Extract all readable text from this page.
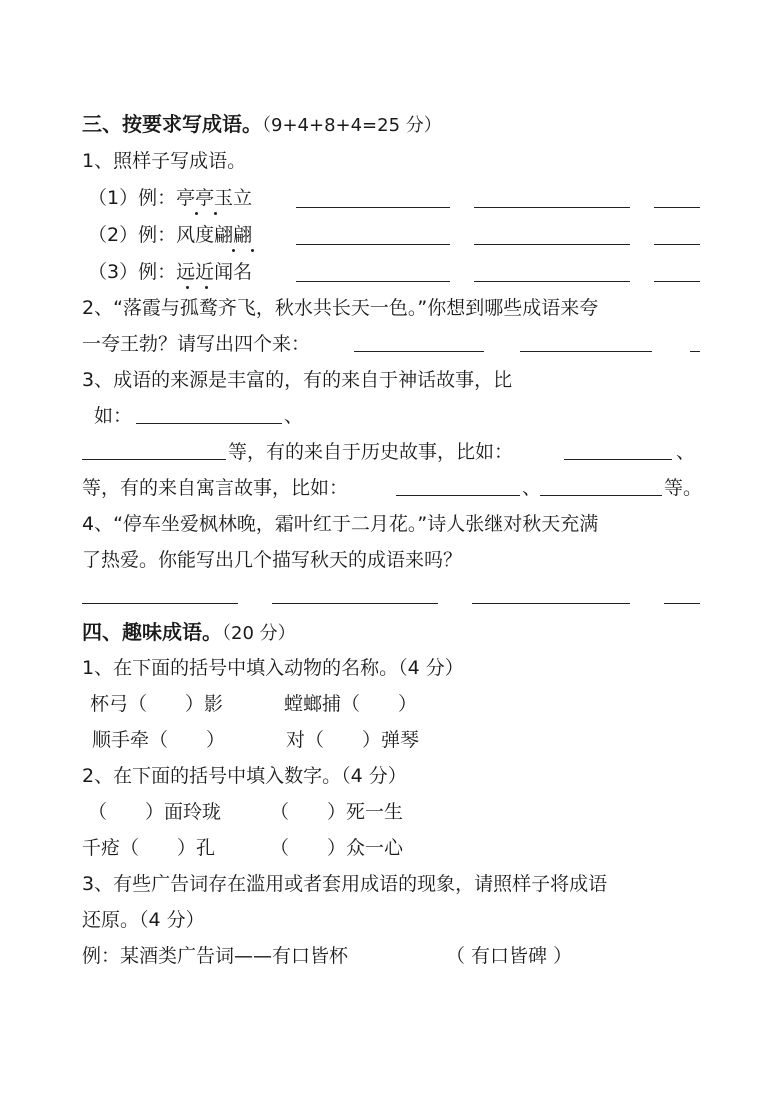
三、按要求写成语。（9+4+8+4=25 分）
1、照样子写成语。
（1）例：亭亭玉立
（2）例：风度翩翩
（3）例：远近闻名
2、“落霞与孤鹜齐飞，秋水共长天一色。”你想到哪些成语来夸
一夸王勃？请写出四个来：
3、成语的来源是丰富的，有的来自于神话故事，比
如：	、
等，有的来自于历史故事，比如：	、
等，有的来自寓言故事，比如：	、	等。
4、“停车坐爱枫林晚，霜叶红于二月花。”诗人张继对秋天充满
了热爱。你能写出几个描写秋天的成语来吗？
四、趣味成语。（20 分）
1、在下面的括号中填入动物的名称。（4 分）
杯弓（　　）影	螳螂捕（　　）
顺手牵（　　）	对（　　）弹琴
2、在下面的括号中填入数字。（4 分）
（　　）面玲珑	（　　）死一生
千疮（　　）孔	（　　）众一心
3、有些广告词存在滥用或者套用成语的现象，请照样子将成语
还原。（4 分）
例：某酒类广告词——有口皆杯	（ 有口皆碑 ）
